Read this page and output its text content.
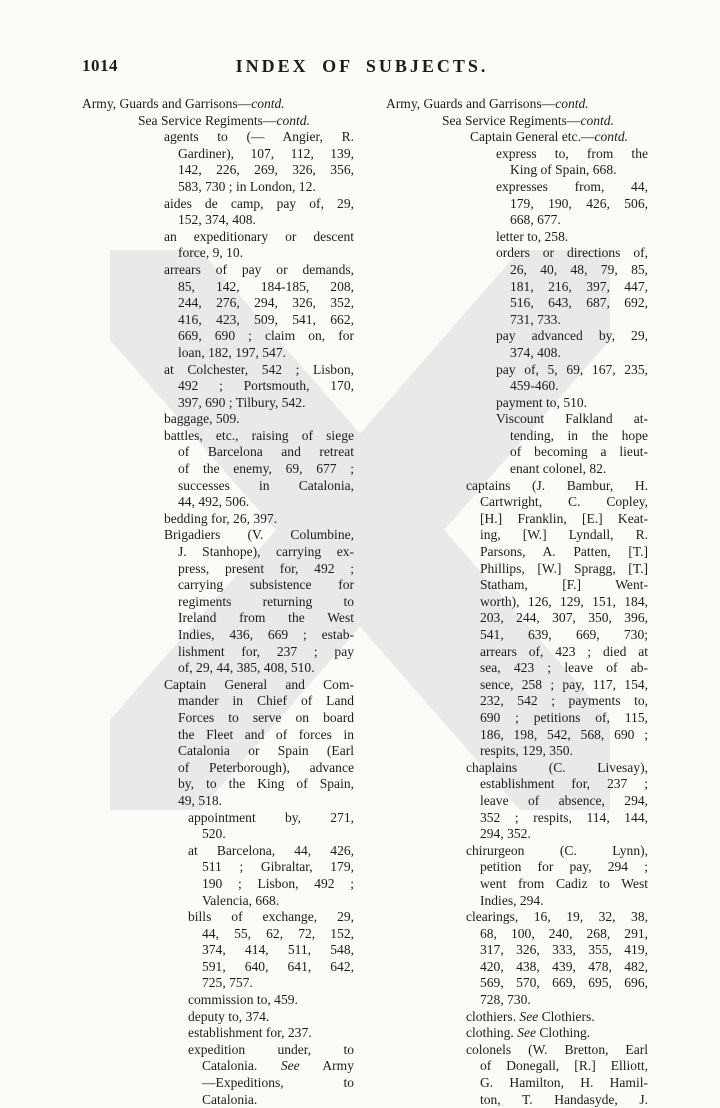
1014	INDEX OF SUBJECTS.
Army, Guards and Garrisons—contd.
Sea Service Regiments—contd.
agents to (— Angier, R.
Gardiner), 107, 112, 139,
142, 226, 269, 326, 356,
583, 730 ; in London, 12.
aides de camp, pay of, 29,
152, 374, 408.
an expeditionary or descent
force, 9, 10.
arrears of pay or demands,
85, 142, 184-185, 208,
244, 276, 294, 326, 352,
416, 423, 509, 541, 662,
669, 690 ; claim on, for
loan, 182, 197, 547.
at Colchester, 542 ; Lisbon,
492 ; Portsmouth, 170,
397, 690 ; Tilbury, 542.
baggage, 509.
battles, etc., raising of siege
of Barcelona and retreat
of the enemy, 69, 677 ;
successes in Catalonia,
44, 492, 506.
bedding for, 26, 397.
Brigadiers (V. Columbine,
J. Stanhope), carrying ex-
press, present for, 492 ;
carrying subsistence for
regiments returning to
Ireland from the West
Indies, 436, 669 ; estab-
lishment for, 237 ; pay
of, 29, 44, 385, 408, 510.
Captain General and Com-
mander in Chief of Land
Forces to serve on board
the Fleet and of forces in
Catalonia or Spain (Earl
of Peterborough), advance
by, to the King of Spain,
49, 518.
appointment by, 271,
520.
at Barcelona, 44, 426,
511 ; Gibraltar, 179,
190 ; Lisbon, 492 ;
Valencia, 668.
bills of exchange, 29,
44, 55, 62, 72, 152,
374, 414, 511, 548,
591, 640, 641, 642,
725, 757.
commission to, 459.
deputy to, 374.
establishment for, 237.
expedition under, to
Catalonia. See Army
—Expeditions, to
Catalonia.
Army, Guards and Garrisons—contd.
Sea Service Regiments—contd.
Captain General etc.—contd.
express to, from the
King of Spain, 668.
expresses from, 44,
179, 190, 426, 506,
668, 677.
letter to, 258.
orders or directions of,
26, 40, 48, 79, 85,
181, 216, 397, 447,
516, 643, 687, 692,
731, 733.
pay advanced by, 29,
374, 408.
pay of, 5, 69, 167, 235,
459-460.
payment to, 510.
Viscount Falkland at-
tending, in the hope
of becoming a lieut-
enant colonel, 82.
captains (J. Bambur, H.
Cartwright, C. Copley,
[H.] Franklin, [E.] Keat-
ing, [W.] Lyndall, R.
Parsons, A. Patten, [T.]
Phillips, [W.] Spragg, [T.]
Statham, [F.] Went-
worth), 126, 129, 151, 184,
203, 244, 307, 350, 396,
541, 639, 669, 730;
arrears of, 423 ; died at
sea, 423 ; leave of ab-
sence, 258 ; pay, 117, 154,
232, 542 ; payments to,
690 ; petitions of, 115,
186, 198, 542, 568, 690 ;
respits, 129, 350.
chaplains (C. Livesay),
establishment for, 237 ;
leave of absence, 294,
352 ; respits, 114, 144,
294, 352.
chirurgeon (C. Lynn),
petition for pay, 294 ;
went from Cadiz to West
Indies, 294.
clearings, 16, 19, 32, 38,
68, 100, 240, 268, 291,
317, 326, 333, 355, 419,
420, 438, 439, 478, 482,
569, 570, 669, 695, 696,
728, 730.
clothiers. See Clothiers.
clothing. See Clothing.
colonels (W. Bretton, Earl
of Donegall, [R.] Elliott,
G. Hamilton, H. Hamil-
ton, T. Handasyde, J.
